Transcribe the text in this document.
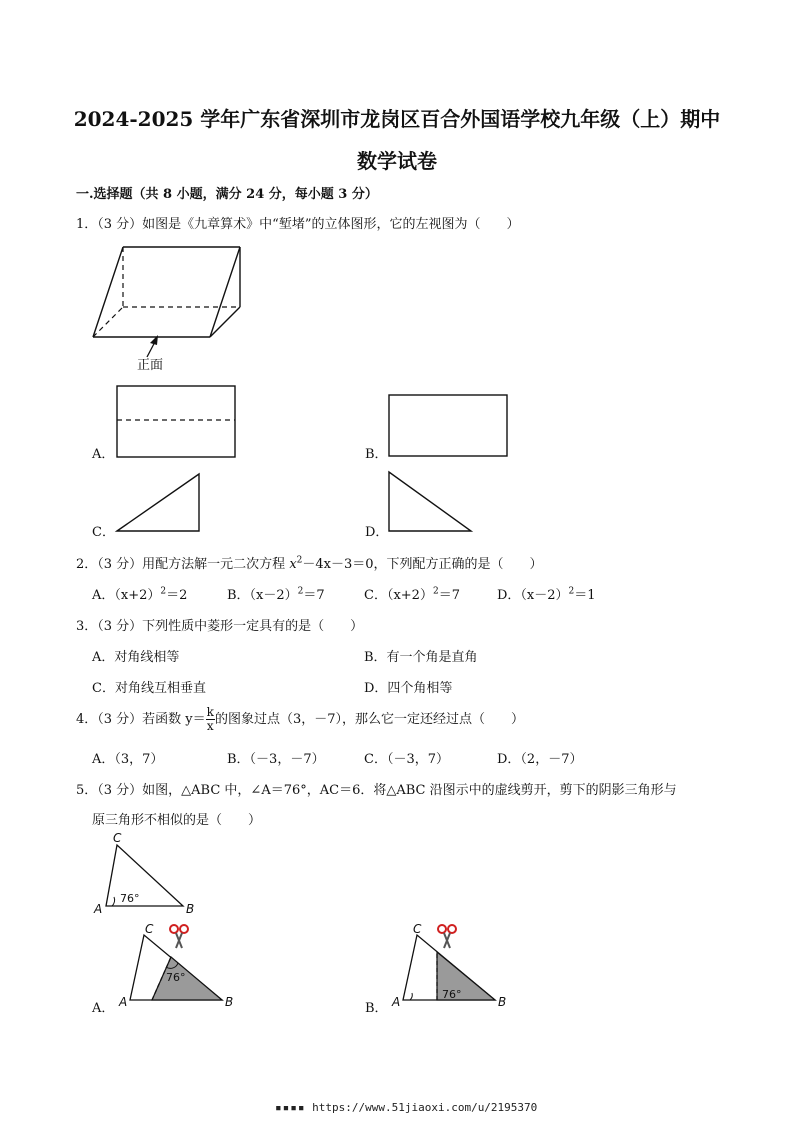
2024-2025 学年广东省深圳市龙岗区百合外国语学校九年级（上）期中
数学试卷
一.选择题（共 8 小题，满分 24 分，每小题 3 分）
1．（3 分）如图是《九章算术》中“堑堵”的立体图形，它的左视图为（　　）
正面
A．	B．
C．	D．
2．（3 分）用配方法解一元二次方程 $x^2-4x-3=0$，下列配方正确的是（　　）
A．$(x+2)^2=2$	B．$(x-2)^2=7$	C．$(x+2)^2=7$	D．$(x-2)^2=1$
3．（3 分）下列性质中菱形一定具有的是（　　）
A．对角线相等	B．有一个角是直角
C．对角线互相垂直	D．四个角相等
4．（3 分）若函数 $y= \frac{k}{x}$ 的图象过点（3，－7），那么它一定还经过点（　　）
A．（3，7）	B．（－3，－7）	C．（－3，7）	D．（2，－7）
5．（3 分）如图，△ABC 中，∠A＝76°，AC＝6．将△ABC 沿图示中的虚线剪开，剪下的阴影三角形与
原三角形不相似的是（　　）
C
A	B
C
A	B
C
A	B
76°
76°
76°
A．	B．
▪▪▪▪ https://www.51jiaoxi.com/u/2195370
